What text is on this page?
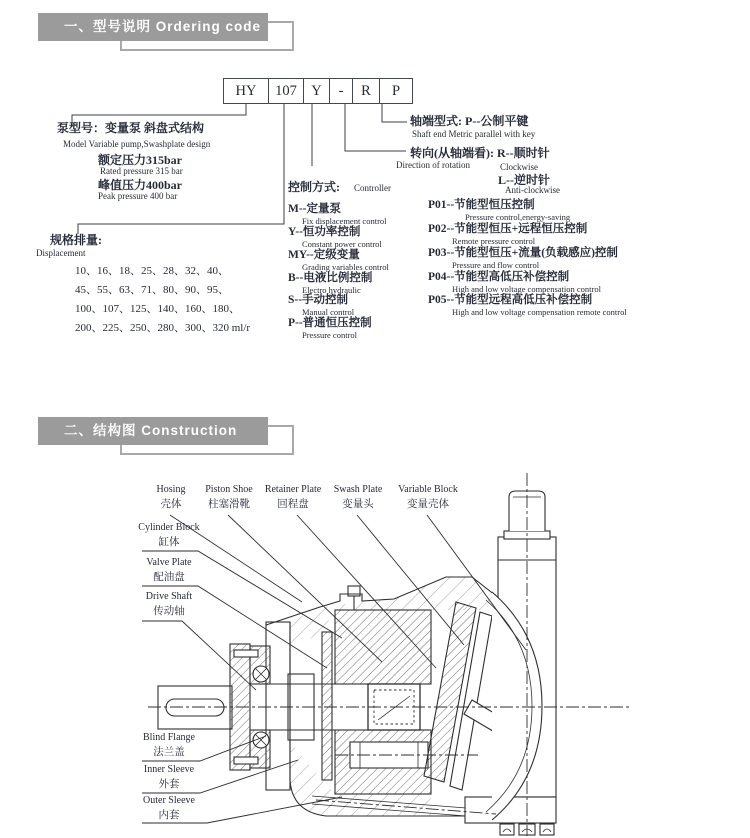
一、型号说明 Ordering code
HY	107 Y	-	R	P
泵型号：变量泵 斜盘式结构
Model Variable pump,Swashplate design
额定压力315bar
Rated pressure 315 bar
峰值压力400bar
Peak pressure 400 bar
规格排量:
Displacement
10、16、18、25、28、32、40、
45、55、63、71、80、90、95、
100、107、125、140、160、180、
200、225、250、280、300、320 ml/r
控制方式: Controller
M--定量泵
Fix displacement control
Y--恒功率控制
Constant power control
MY--定级变量
Grading variables control
B--电液比例控制
Electro hydraulic
S--手动控制
Manual control
P--普通恒压控制
Pressure control
P01--节能型恒压控制
Pressure control,energy-saving
P02--节能型恒压+远程恒压控制
Remote pressure control
P03--节能型恒压+流量(负载感应)控制
Pressure and flow control
P04--节能型高低压补偿控制
High and low voltage compensation control
P05--节能型远程高低压补偿控制
High and low voltage compensation remote control
轴端型式: P--公制平键
Shaft end Metric parallel with key
转向(从轴端看): R--顺时针
Direction of rotation	Clockwise
L--逆时针
Anti-clockwise
二、结构图 Construction
Hosing
壳体
Piston Shoe
柱塞滑靴
Retainer Plate
回程盘
Swash Plate
变量头
Variable Block
变量壳体
Cylinder Block
缸体
Valve Plate
配油盘
Drive Shaft
传动轴
Blind Flange
法兰盖
Inner Sleeve
外套
Outer Sleeve
内套
